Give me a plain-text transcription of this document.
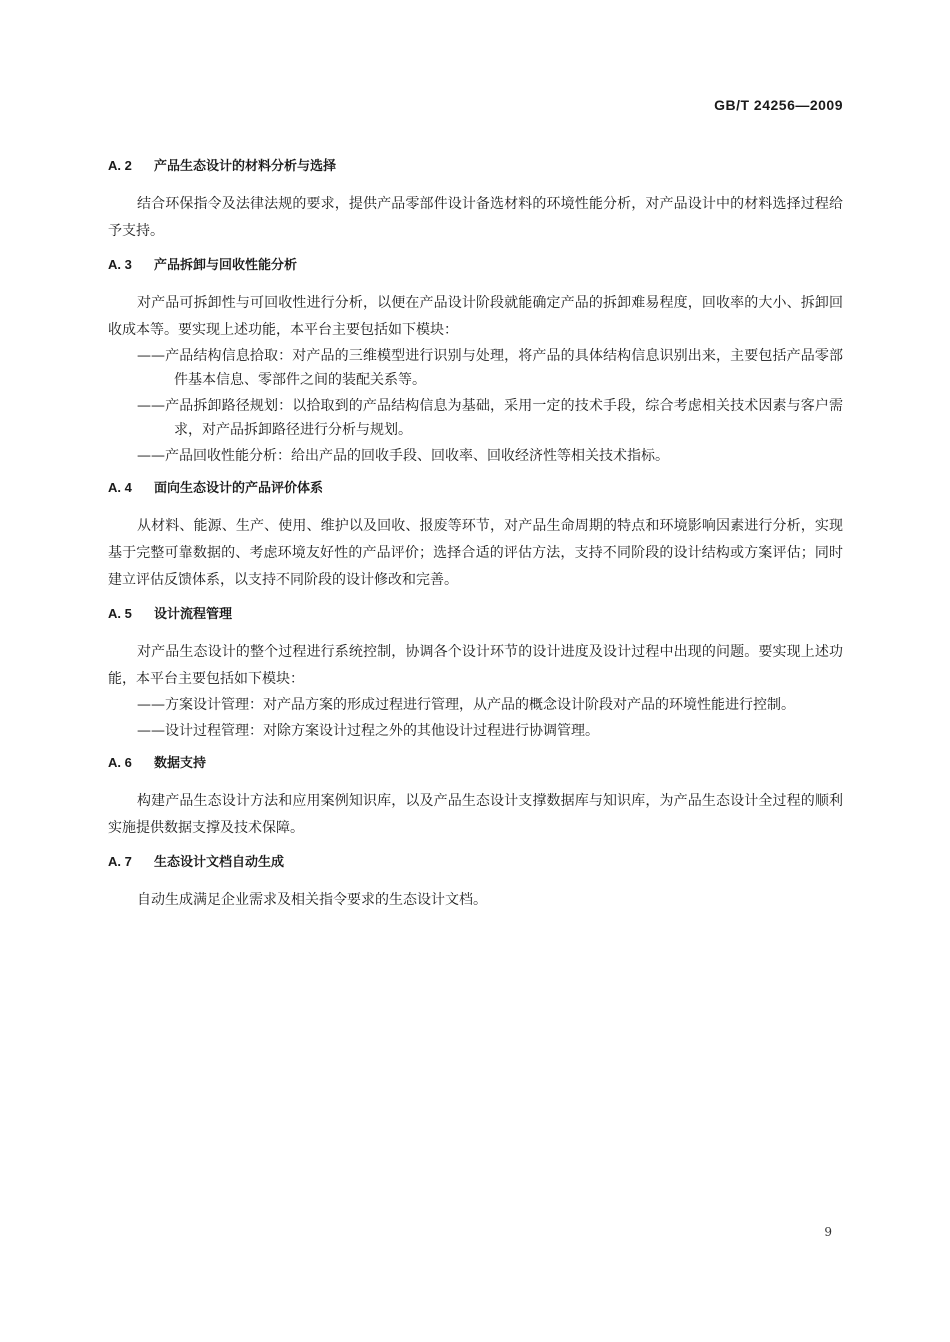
GB/T 24256—2009
A. 2 产品生态设计的材料分析与选择

结合环保指令及法律法规的要求，提供产品零部件设计备选材料的环境性能分析，对产品设计中的材料选择过程给予支持。

A. 3 产品拆卸与回收性能分析

对产品可拆卸性与可回收性进行分析，以便在产品设计阶段就能确定产品的拆卸难易程度，回收率的大小、拆卸回收成本等。要实现上述功能，本平台主要包括如下模块：

——产品结构信息拾取：对产品的三维模型进行识别与处理，将产品的具体结构信息识别出来，主要包括产品零部件基本信息、零部件之间的装配关系等。

——产品拆卸路径规划：以拾取到的产品结构信息为基础，采用一定的技术手段，综合考虑相关技术因素与客户需求，对产品拆卸路径进行分析与规划。

——产品回收性能分析：给出产品的回收手段、回收率、回收经济性等相关技术指标。

A. 4 面向生态设计的产品评价体系

从材料、能源、生产、使用、维护以及回收、报废等环节，对产品生命周期的特点和环境影响因素进行分析，实现基于完整可靠数据的、考虑环境友好性的产品评价；选择合适的评估方法，支持不同阶段的设计结构或方案评估；同时建立评估反馈体系，以支持不同阶段的设计修改和完善。

A. 5 设计流程管理

对产品生态设计的整个过程进行系统控制，协调各个设计环节的设计进度及设计过程中出现的问题。要实现上述功能，本平台主要包括如下模块：

——方案设计管理：对产品方案的形成过程进行管理，从产品的概念设计阶段对产品的环境性能进行控制。

——设计过程管理：对除方案设计过程之外的其他设计过程进行协调管理。

A. 6 数据支持

构建产品生态设计方法和应用案例知识库，以及产品生态设计支撑数据库与知识库，为产品生态设计全过程的顺利实施提供数据支撑及技术保障。

A. 7 生态设计文档自动生成

自动生成满足企业需求及相关指令要求的生态设计文档。

9
